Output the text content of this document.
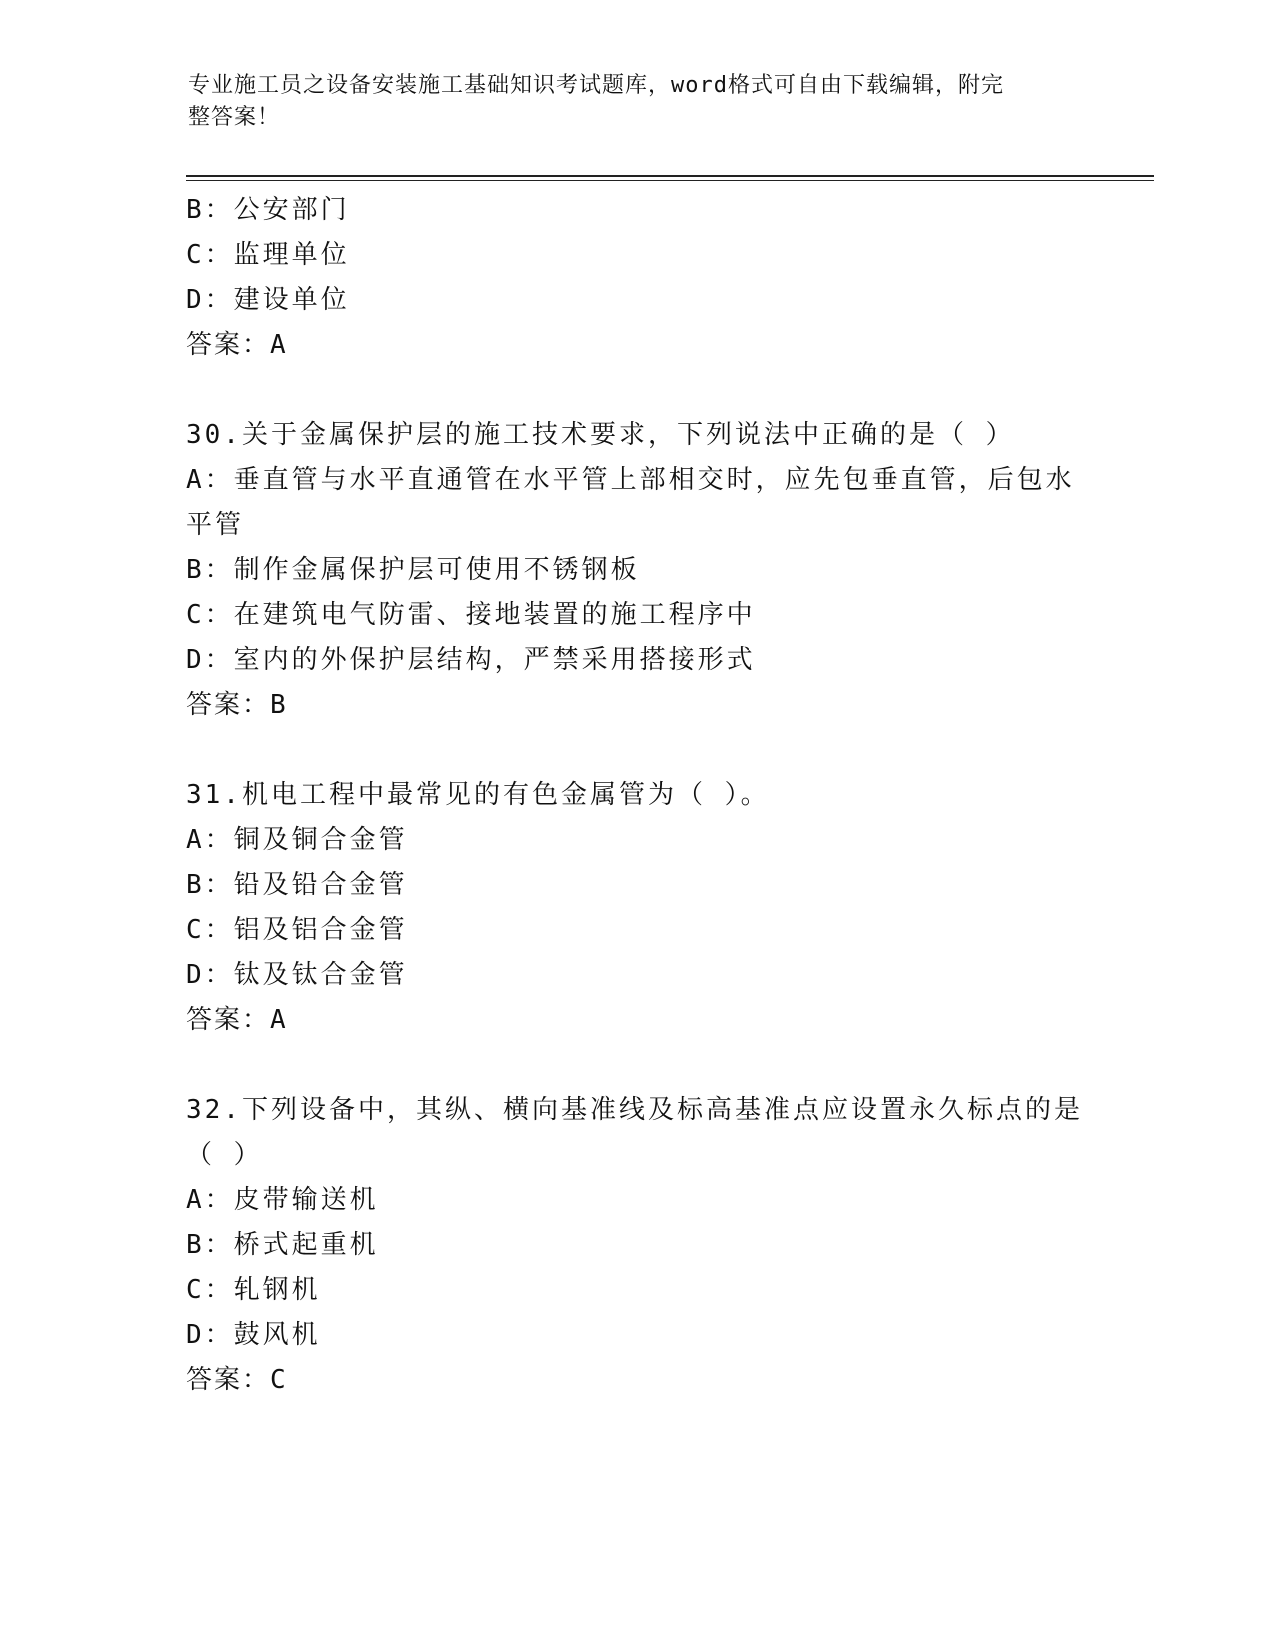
专业施工员之设备安装施工基础知识考试题库，word格式可自由下载编辑，附完
整答案！
B：公安部门
C：监理单位
D：建设单位
答案：A
30.关于金属保护层的施工技术要求，下列说法中正确的是（ ）
A：垂直管与水平直通管在水平管上部相交时，应先包垂直管，后包水
平管
B：制作金属保护层可使用不锈钢板
C：在建筑电气防雷、接地装置的施工程序中
D：室内的外保护层结构，严禁采用搭接形式
答案：B
31.机电工程中最常见的有色金属管为（ ）。
A：铜及铜合金管
B：铅及铅合金管
C：铝及铝合金管
D：钛及钛合金管
答案：A
32.下列设备中，其纵、横向基准线及标高基准点应设置永久标点的是
（ ）
A：皮带输送机
B：桥式起重机
C：轧钢机
D：鼓风机
答案：C
